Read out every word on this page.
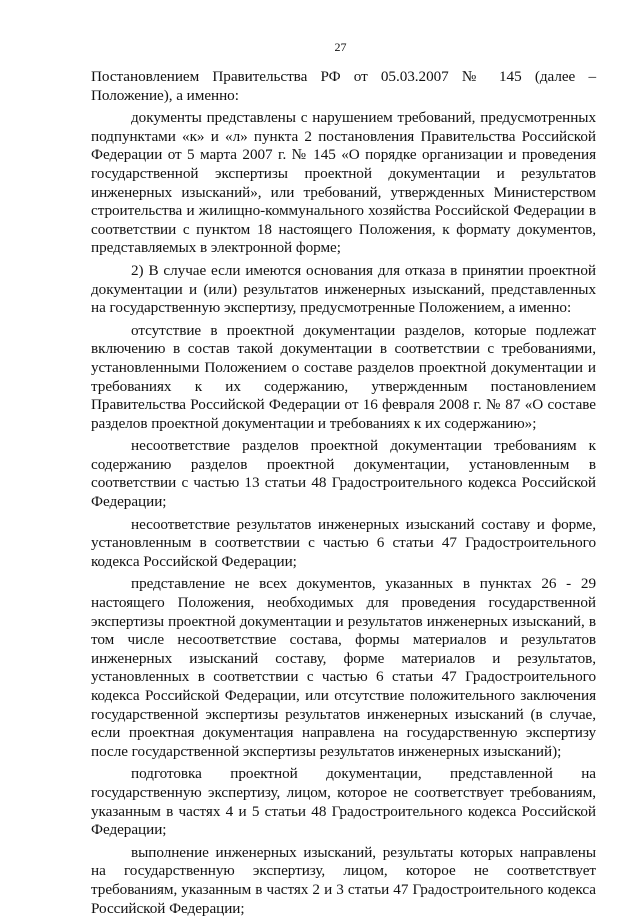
27

Постановлением Правительства РФ от 05.03.2007 № 145 (далее – Положение), а именно:

документы представлены с нарушением требований, предусмотренных подпунктами «к» и «л» пункта 2 постановления Правительства Российской Федерации от 5 марта 2007 г. № 145 «О порядке организации и проведения государственной экспертизы проектной документации и результатов инженерных изысканий», или требований, утвержденных Министерством строительства и жилищно-коммунального хозяйства Российской Федерации в соответствии с пунктом 18 настоящего Положения, к формату документов, представляемых в электронной форме;

2) В случае если имеются основания для отказа в принятии проектной документации и (или) результатов инженерных изысканий, представленных на государственную экспертизу, предусмотренные Положением, а именно:

отсутствие в проектной документации разделов, которые подлежат включению в состав такой документации в соответствии с требованиями, установленными Положением о составе разделов проектной документации и требованиях к их содержанию, утвержденным постановлением Правительства Российской Федерации от 16 февраля 2008 г. № 87 «О составе разделов проектной документации и требованиях к их содержанию»;

несоответствие разделов проектной документации требованиям к содержанию разделов проектной документации, установленным в соответствии с частью 13 статьи 48 Градостроительного кодекса Российской Федерации;

несоответствие результатов инженерных изысканий составу и форме, установленным в соответствии с частью 6 статьи 47 Градостроительного кодекса Российской Федерации;

представление не всех документов, указанных в пунктах 26 - 29 настоящего Положения, необходимых для проведения государственной экспертизы проектной документации и результатов инженерных изысканий, в том числе несоответствие состава, формы материалов и результатов инженерных изысканий составу, форме материалов и результатов, установленных в соответствии с частью 6 статьи 47 Градостроительного кодекса Российской Федерации, или отсутствие положительного заключения государственной экспертизы результатов инженерных изысканий (в случае, если проектная документация направлена на государственную экспертизу после государственной экспертизы результатов инженерных изысканий);

подготовка проектной документации, представленной на государственную экспертизу, лицом, которое не соответствует требованиям, указанным в частях 4 и 5 статьи 48 Градостроительного кодекса Российской Федерации;

выполнение инженерных изысканий, результаты которых направлены на государственную экспертизу, лицом, которое не соответствует требованиям, указанным в частях 2 и 3 статьи 47 Градостроительного кодекса Российской Федерации;
